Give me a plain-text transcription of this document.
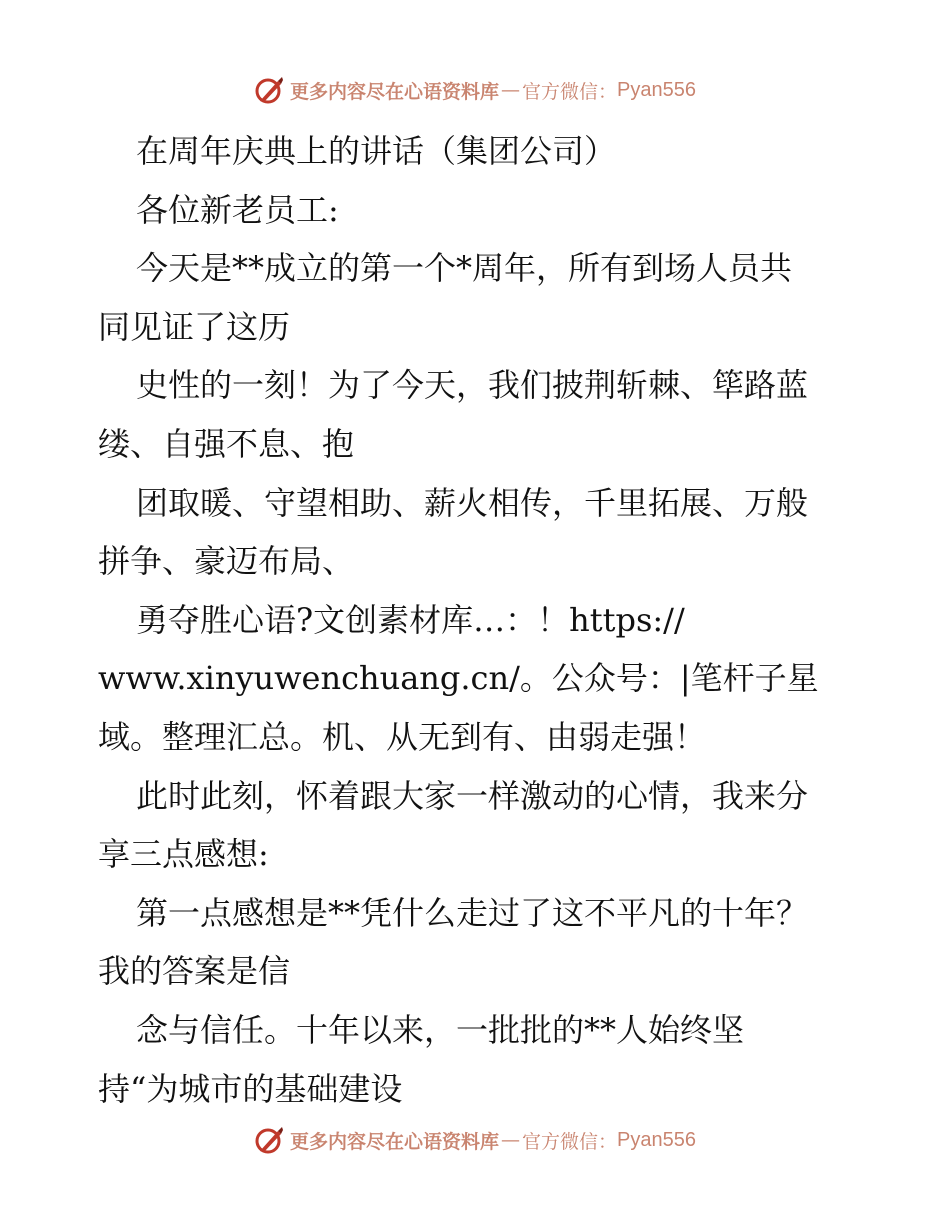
更多内容尽在心语资料库 — 官方微信： Pyan556
在周年庆典上的讲话（集团公司）
各位新老员工:
今天是**成立的第一个*周年，所有到场人员共
同见证了这历
史性的一刻！为了今天，我们披荆斩棘、筚路蓝
缕、自强不息、抱
团取暖、守望相助、薪火相传，千里拓展、万般
拼争、豪迈布局、
勇夺胜心语?文创素材库…：！https://
www.xinyuwenchuang.cn/。公众号：|笔杆子星
域。整理汇总。机、从无到有、由弱走强！
此时此刻，怀着跟大家一样激动的心情，我来分
享三点感想:
第一点感想是**凭什么走过了这不平凡的十年？
我的答案是信
念与信任。十年以来，一批批的**人始终坚
持“为城市的基础建设
更多内容尽在心语资料库 — 官方微信： Pyan556
